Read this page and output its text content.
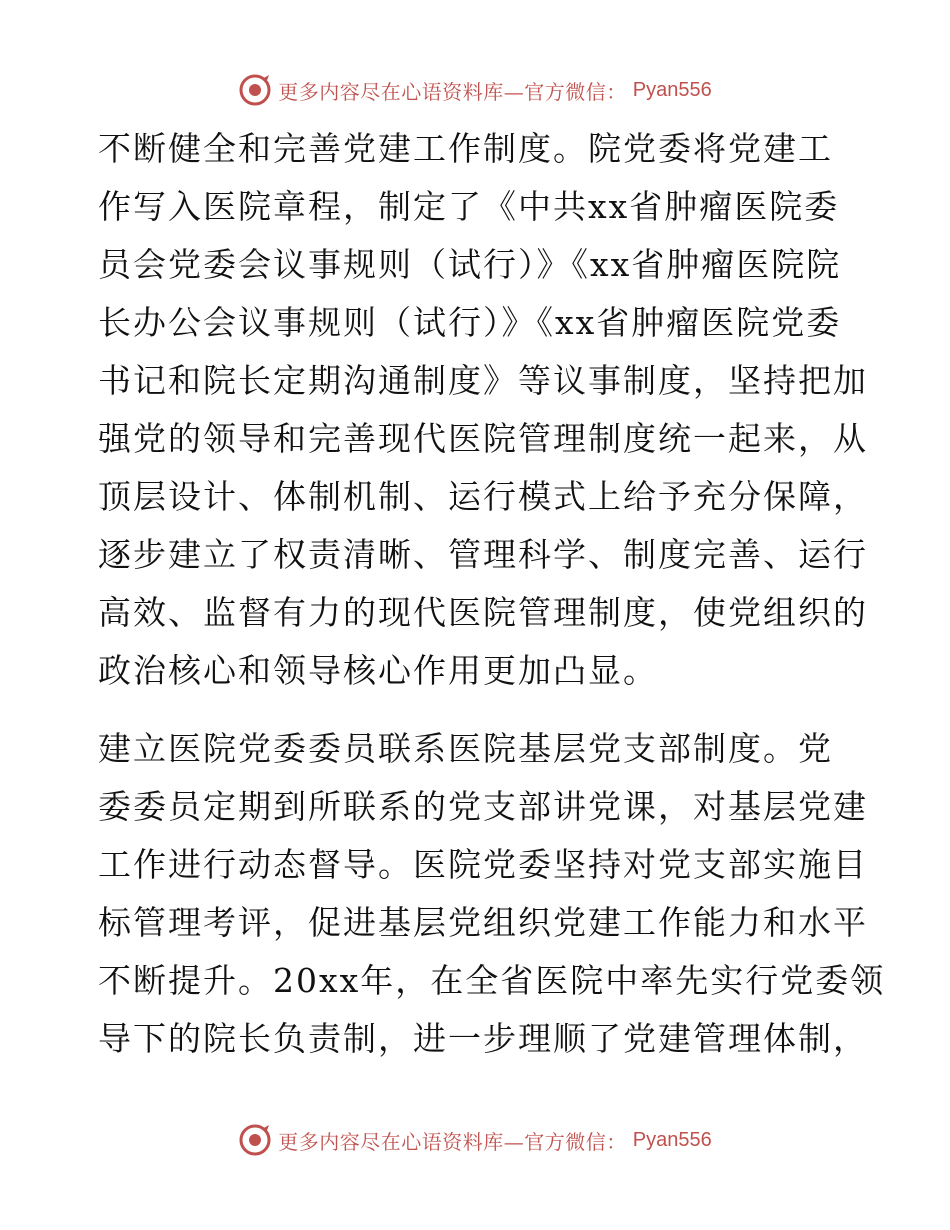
更多内容尽在心语资料库—官方微信： Pyan556

不断健全和完善党建工作制度。院党委将党建工
作写入医院章程，制定了《中共xx省肿瘤医院委
员会党委会议事规则（试行）》《xx省肿瘤医院院
长办公会议事规则（试行）》《xx省肿瘤医院党委
书记和院长定期沟通制度》等议事制度，坚持把加
强党的领导和完善现代医院管理制度统一起来，从
顶层设计、体制机制、运行模式上给予充分保障，
逐步建立了权责清晰、管理科学、制度完善、运行
高效、监督有力的现代医院管理制度，使党组织的
政治核心和领导核心作用更加凸显。

建立医院党委委员联系医院基层党支部制度。党
委委员定期到所联系的党支部讲党课，对基层党建
工作进行动态督导。医院党委坚持对党支部实施目
标管理考评，促进基层党组织党建工作能力和水平
不断提升。20xx年，在全省医院中率先实行党委领
导下的院长负责制，进一步理顺了党建管理体制，

更多内容尽在心语资料库—官方微信： Pyan556
